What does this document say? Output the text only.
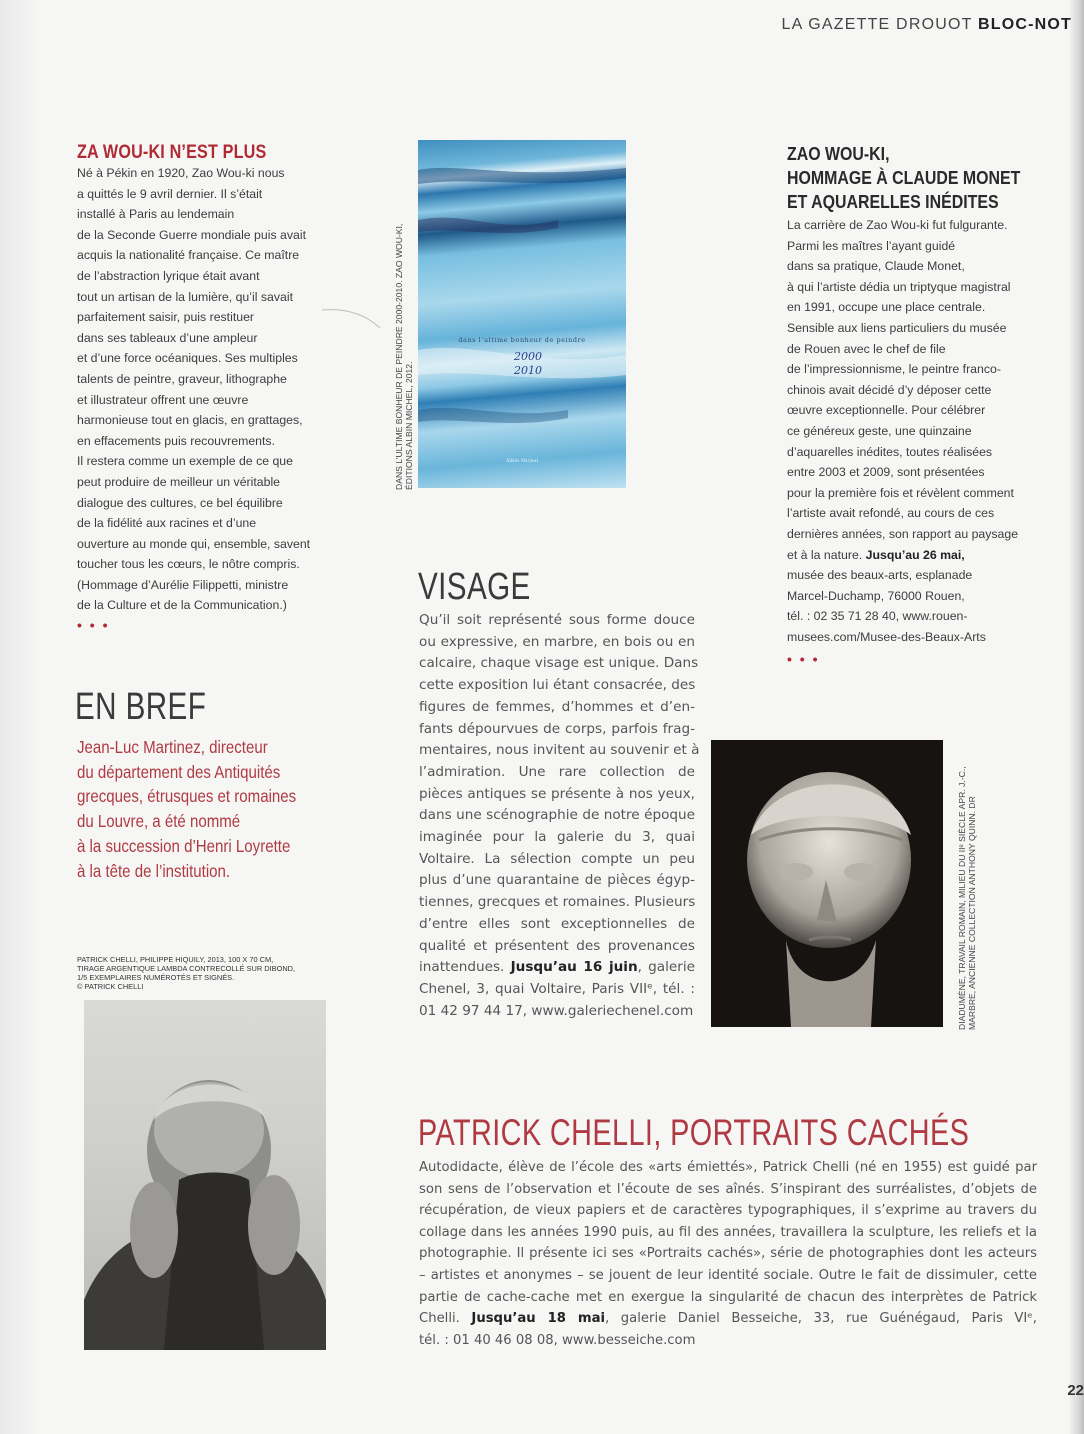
LA GAZETTE DROUOT BLOC-NOT
ZA WOU-KI N’EST PLUS
Né à Pékin en 1920, Zao Wou-ki nous
a quittés le 9 avril dernier. Il s’était
installé à Paris au lendemain
de la Seconde Guerre mondiale puis avait
acquis la nationalité française. Ce maître
de l’abstraction lyrique était avant
tout un artisan de la lumière, qu’il savait
parfaitement saisir, puis restituer
dans ses tableaux d’une ampleur
et d’une force océaniques. Ses multiples
talents de peintre, graveur, lithographe
et illustrateur offrent une œuvre
harmonieuse tout en glacis, en grattages,
en effacements puis recouvrements.
Il restera comme un exemple de ce que
peut produire de meilleur un véritable
dialogue des cultures, ce bel équilibre
de la fidélité aux racines et d’une
ouverture au monde qui, ensemble, savent
toucher tous les cœurs, le nôtre compris.
(Hommage d’Aurélie Filippetti, ministre
de la Culture et de la Communication.)
• • •
EN BREF
Jean-Luc Martinez, directeur
du département des Antiquités
grecques, étrusques et romaines
du Louvre, a été nommé
à la succession d’Henri Loyrette
à la tête de l’institution.
PATRICK CHELLI, PHILIPPE HIQUILY, 2013, 100 X 70 CM,
TIRAGE ARGENTIQUE LAMBDA CONTRECOLLÉ SUR DIBOND,
1/5 EXEMPLAIRES NUMÉROTÉS ET SIGNÉS.
© PATRICK CHELLI
DANS L’ULTIME BONHEUR DE PEINDRE 2000-2010. ZAO WOU-KI, ÉDITIONS ALBIN MICHEL, 2012.
dans l’ultime bonheur de peindre
2000
2010
Albin Michel
ZAO WOU-KI,
HOMMAGE À CLAUDE MONET
ET AQUARELLES INÉDITES
La carrière de Zao Wou-ki fut fulgurante.
Parmi les maîtres l’ayant guidé
dans sa pratique, Claude Monet,
à qui l’artiste dédia un triptyque magistral
en 1991, occupe une place centrale.
Sensible aux liens particuliers du musée
de Rouen avec le chef de file
de l’impressionnisme, le peintre franco-
chinois avait décidé d’y déposer cette
œuvre exceptionnelle. Pour célébrer
ce généreux geste, une quinzaine
d’aquarelles inédites, toutes réalisées
entre 2003 et 2009, sont présentées
pour la première fois et révèlent comment
l’artiste avait refondé, au cours de ces
dernières années, son rapport au paysage
et à la nature. Jusqu’au 26 mai,
musée des beaux-arts, esplanade
Marcel-Duchamp, 76000 Rouen,
tél. : 02 35 71 28 40, www.rouen-
musees.com/Musee-des-Beaux-Arts
• • •
VISAGE
Qu’il soit représenté sous forme douce
ou expressive, en marbre, en bois ou en
calcaire, chaque visage est unique. Dans
cette exposition lui étant consacrée, des
figures de femmes, d’hommes et d’en-
fants dépourvues de corps, parfois frag-
mentaires, nous invitent au souvenir et à
l’admiration. Une rare collection de
pièces antiques se présente à nos yeux,
dans une scénographie de notre époque
imaginée pour la galerie du 3, quai
Voltaire. La sélection compte un peu
plus d’une quarantaine de pièces égyp-
tiennes, grecques et romaines. Plusieurs
d’entre elles sont exceptionnelles de
qualité et présentent des provenances
inattendues. Jusqu’au 16 juin, galerie
Chenel, 3, quai Voltaire, Paris VIIᵉ, tél. :
01 42 97 44 17, www.galeriechenel.com	DIADUMÈNE, TRAVAIL ROMAIN, MILIEU DU IIᵉ SIÈCLE APR. J.-C., MARBRE, ANCIENNE COLLECTION ANTHONY QUINN. DR
PATRICK CHELLI, PORTRAITS CACHÉS
Autodidacte, élève de l’école des «arts émiettés», Patrick Chelli (né en 1955) est guidé par
son sens de l’observation et l’écoute de ses aînés. S’inspirant des surréalistes, d’objets de
récupération, de vieux papiers et de caractères typographiques, il s’exprime au travers du
collage dans les années 1990 puis, au fil des années, travaillera la sculpture, les reliefs et la
photographie. Il présente ici ses «Portraits cachés», série de photographies dont les acteurs
– artistes et anonymes – se jouent de leur identité sociale. Outre le fait de dissimuler, cette
partie de cache-cache met en exergue la singularité de chacun des interprètes de Patrick
Chelli. Jusqu’au 18 mai, galerie Daniel Besseiche, 33, rue Guénégaud, Paris VIᵉ,
tél. : 01 40 46 08 08, www.besseiche.com
22
